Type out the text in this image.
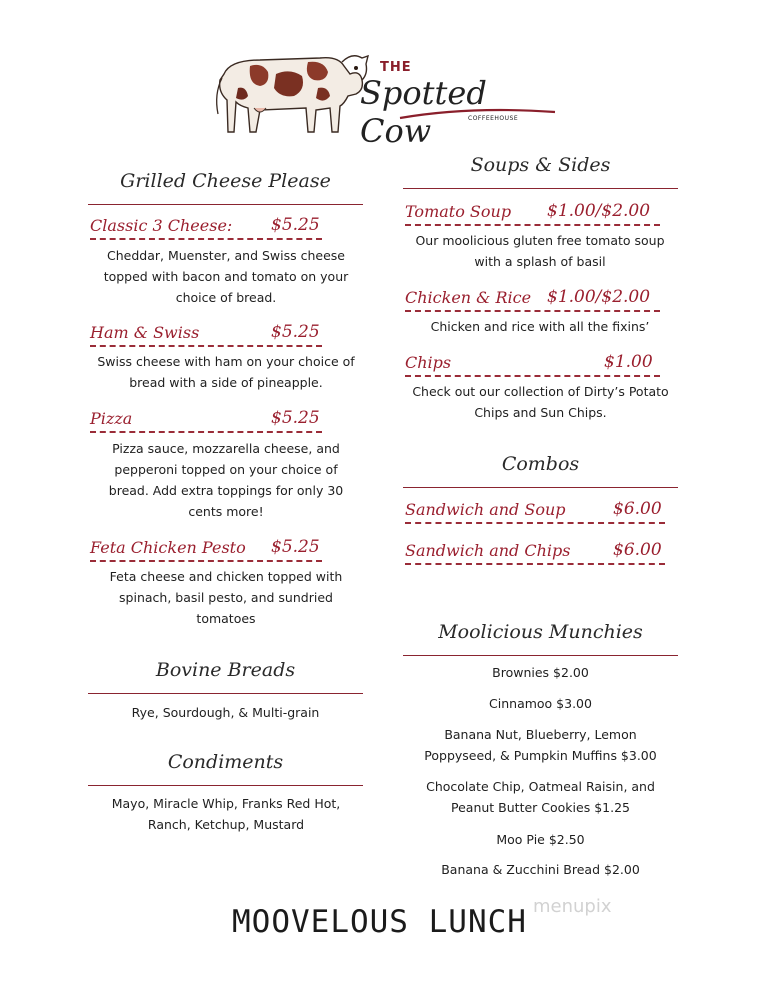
THE
Spotted Cow	COFFEEHOUSE
Grilled Cheese Please
Classic 3 Cheese: $5.25
Cheddar, Muenster, and Swiss cheese topped with bacon and tomato on your choice of bread.
Ham & Swiss	$5.25
Swiss cheese with ham on your choice of bread with a side of pineapple.
Pizza	$5.25
Pizza sauce, mozzarella cheese, and pepperoni topped on your choice of bread. Add extra toppings for only 30 cents more!
Feta Chicken Pesto $5.25
Feta cheese and chicken topped with spinach, basil pesto, and sundried tomatoes
Bovine Breads
Rye, Sourdough, & Multi-grain
Condiments
Mayo, Miracle Whip, Franks Red Hot, Ranch, Ketchup, Mustard
Soups & Sides
Tomato Soup $1.00/$2.00
Our moolicious gluten free tomato soup with a splash of basil
Chicken & Rice $1.00/$2.00
Chicken and rice with all the fixins’
Chips	$1.00
Check out our collection of Dirty’s Potato Chips and Sun Chips.
Combos
Sandwich and Soup	$6.00
Sandwich and Chips	$6.00
Moolicious Munchies
Brownies $2.00
Cinnamoo $3.00
Banana Nut, Blueberry, Lemon Poppyseed, & Pumpkin Muffins $3.00
Chocolate Chip, Oatmeal Raisin, and Peanut Butter Cookies $1.25
Moo Pie $2.50
Banana & Zucchini Bread $2.00
MOOVELOUS LUNCH menupix
